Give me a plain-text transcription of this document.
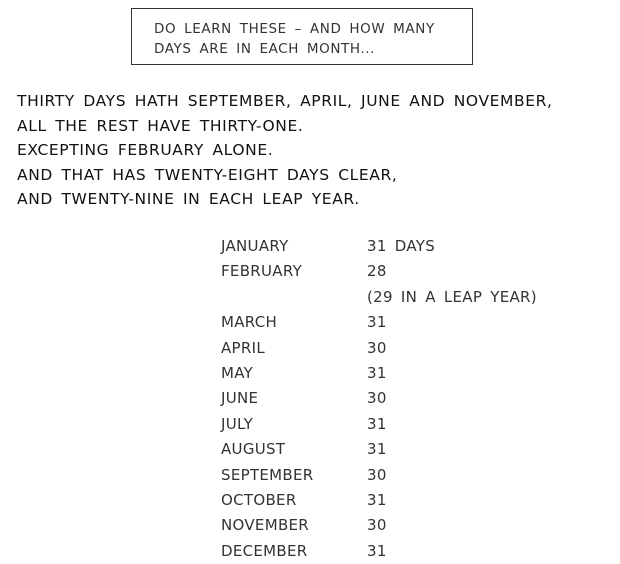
DO LEARN THESE – AND HOW MANY
DAYS ARE IN EACH MONTH...
THIRTY DAYS HATH SEPTEMBER, APRIL, JUNE AND NOVEMBER,
ALL THE REST HAVE THIRTY-ONE.
EXCEPTING FEBRUARY ALONE.
AND THAT HAS TWENTY-EIGHT DAYS CLEAR,
AND TWENTY-NINE IN EACH LEAP YEAR.
JANUARY	31 DAYS
FEBRUARY	28
(29 IN A LEAP YEAR)
MARCH	31
APRIL	30
MAY	31
JUNE	30
JULY	31
AUGUST	31
SEPTEMBER	30
OCTOBER	31
NOVEMBER	30
DECEMBER	31
